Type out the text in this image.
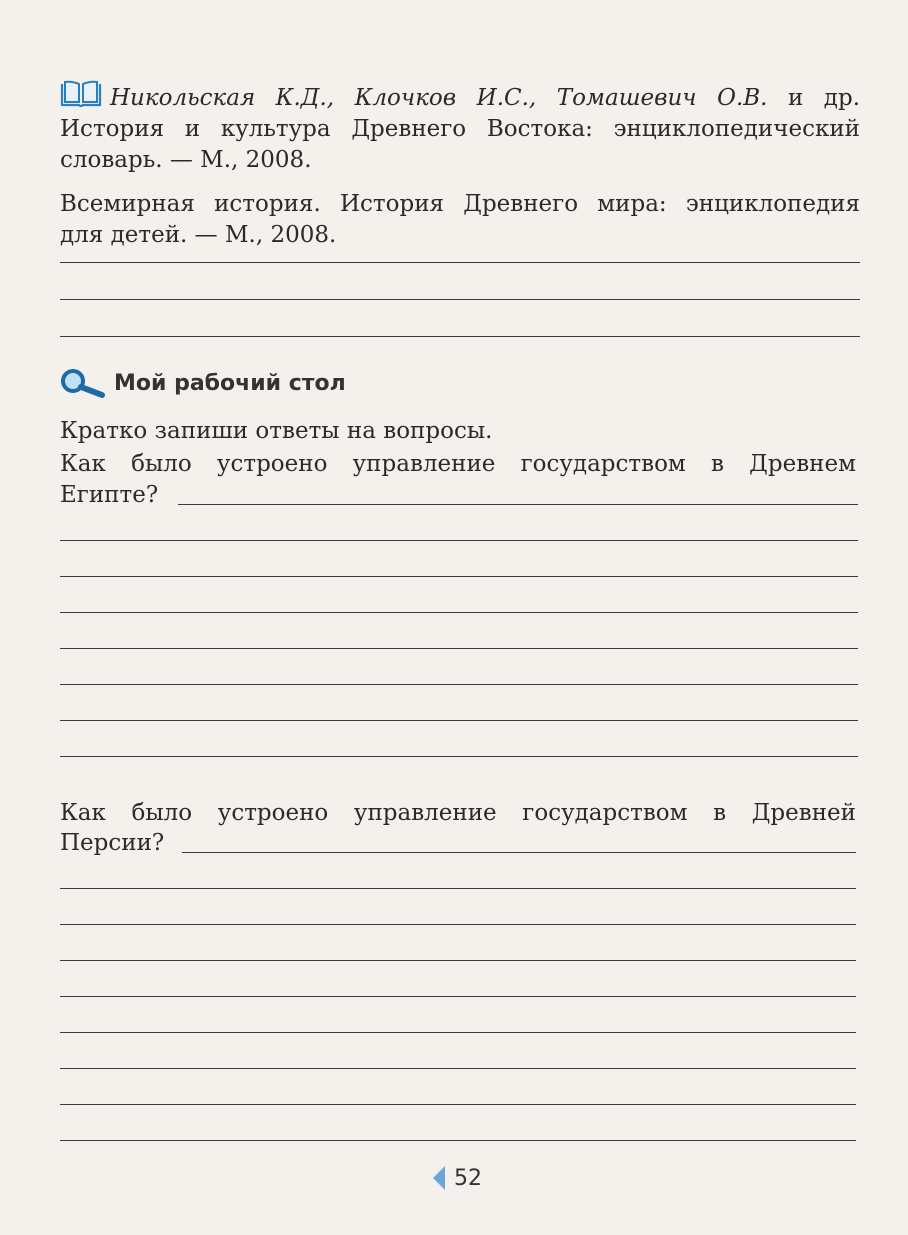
Никольская К.Д., Клочков И.С., Томашевич О.В. и др.
История и культура Древнего Востока: энциклопедический
словарь. — М., 2008.
Всемирная история. История Древнего мира: энциклопедия
для детей. — М., 2008.
Мой рабочий стол
Кратко запиши ответы на вопросы.
Как было устроено управление государством в Древнем
Египте?
Как было устроено управление государством в Древней
Персии?
52
